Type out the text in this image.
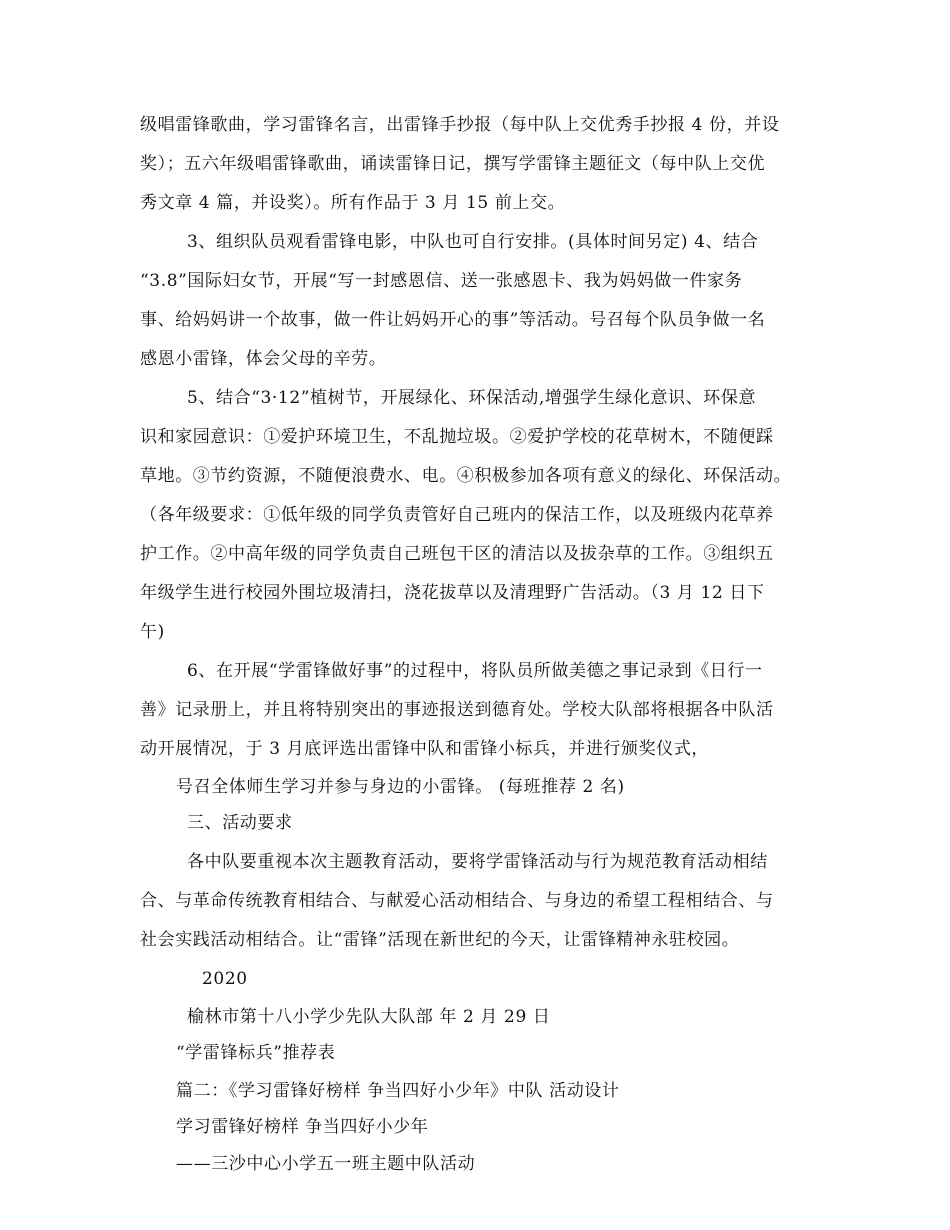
级唱雷锋歌曲，学习雷锋名言，出雷锋手抄报（每中队上交优秀手抄报 4 份，并设
奖）；五六年级唱雷锋歌曲，诵读雷锋日记，撰写学雷锋主题征文（每中队上交优
秀文章 4 篇，并设奖）。所有作品于 3 月 15 前上交。
3、组织队员观看雷锋电影，中队也可自行安排。(具体时间另定) 4、结合
“3.8”国际妇女节，开展“写一封感恩信、送一张感恩卡、我为妈妈做一件家务
事、给妈妈讲一个故事，做一件让妈妈开心的事”等活动。号召每个队员争做一名
感恩小雷锋，体会父母的辛劳。
5、结合“3·12”植树节，开展绿化、环保活动,增强学生绿化意识、环保意
识和家园意识：①爱护环境卫生，不乱抛垃圾。②爱护学校的花草树木，不随便踩
草地。③节约资源，不随便浪费水、电。④积极参加各项有意义的绿化、环保活动。
（各年级要求：①低年级的同学负责管好自己班内的保洁工作，以及班级内花草养
护工作。②中高年级的同学负责自己班包干区的清洁以及拔杂草的工作。③组织五
年级学生进行校园外围垃圾清扫，浇花拔草以及清理野广告活动。（3 月 12 日下
午)
6、在开展“学雷锋做好事”的过程中，将队员所做美德之事记录到《日行一
善》记录册上，并且将特别突出的事迹报送到德育处。学校大队部将根据各中队活
动开展情况，于 3 月底评选出雷锋中队和雷锋小标兵，并进行颁奖仪式，
号召全体师生学习并参与身边的小雷锋。 (每班推荐 2 名)
三、活动要求
各中队要重视本次主题教育活动，要将学雷锋活动与行为规范教育活动相结
合、与革命传统教育相结合、与献爱心活动相结合、与身边的希望工程相结合、与
社会实践活动相结合。让“雷锋”活现在新世纪的今天，让雷锋精神永驻校园。
2020
榆林市第十八小学少先队大队部 年 2 月 29 日
“学雷锋标兵”推荐表
篇二：《学习雷锋好榜样 争当四好小少年》中队 活动设计
学习雷锋好榜样 争当四好小少年
——三沙中心小学五一班主题中队活动
